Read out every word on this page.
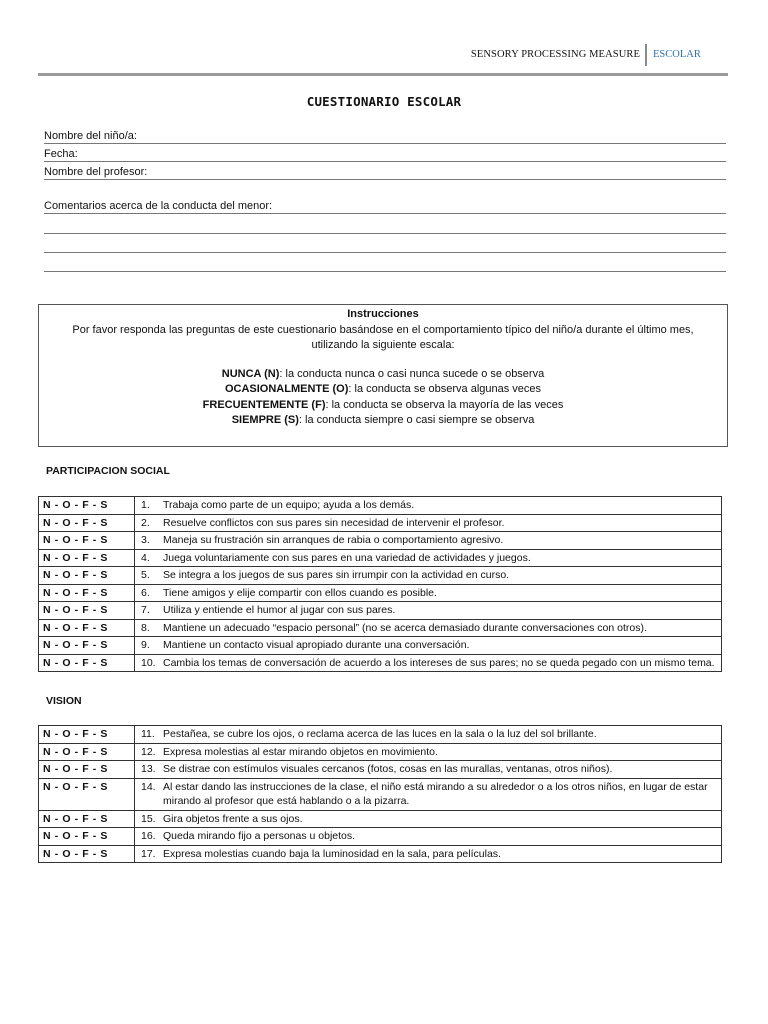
SENSORY PROCESSING MEASURE ESCOLAR
CUESTIONARIO ESCOLAR
Nombre del niño/a:
Fecha:
Nombre del profesor:
Comentarios acerca de la conducta del menor:
Instrucciones
Por favor responda las preguntas de este cuestionario basándose en el comportamiento típico del niño/a durante el último mes, utilizando la siguiente escala:
NUNCA (N): la conducta nunca o casi nunca sucede o se observa
OCASIONALMENTE (O): la conducta se observa algunas veces
FRECUENTEMENTE (F): la conducta se observa la mayoría de las veces
SIEMPRE (S): la conducta siempre o casi siempre se observa
PARTICIPACION SOCIAL
N - O - F - S	1. Trabaja como parte de un equipo; ayuda a los demás.

N - O - F - S	2. Resuelve conflictos con sus pares sin necesidad de intervenir el profesor.

N - O - F - S	3. Maneja su frustración sin arranques de rabia o comportamiento agresivo.

N - O - F - S	4. Juega voluntariamente con sus pares en una variedad de actividades y juegos.

N - O - F - S	5. Se integra a los juegos de sus pares sin irrumpir con la actividad en curso.

N - O - F - S	6. Tiene amigos y elije compartir con ellos cuando es posible.

N - O - F - S	7. Utiliza y entiende el humor al jugar con sus pares.

N - O - F - S	8. Mantiene un adecuado “espacio personal” (no se acerca demasiado durante conversaciones con otros).

N - O - F - S	9. Mantiene un contacto visual apropiado durante una conversación.

N - O - F - S	10. Cambia los temas de conversación de acuerdo a los intereses de sus pares; no se queda pegado con un mismo tema.
VISION
N - O - F - S	11. Pestañea, se cubre los ojos, o reclama acerca de las luces en la sala o la luz del sol brillante.

N - O - F - S	12. Expresa molestias al estar mirando objetos en movimiento.

N - O - F - S	13. Se distrae con estímulos visuales cercanos (fotos, cosas en las murallas, ventanas, otros niños).

N - O - F - S	14. Al estar dando las instrucciones de la clase, el niño está mirando a su alrededor o a los otros niños, en lugar de estar mirando al profesor que está hablando o a la pizarra.

N - O - F - S	15. Gira objetos frente a sus ojos.

N - O - F - S	16. Queda mirando fijo a personas u objetos.

N - O - F - S	17. Expresa molestias cuando baja la luminosidad en la sala, para películas.
